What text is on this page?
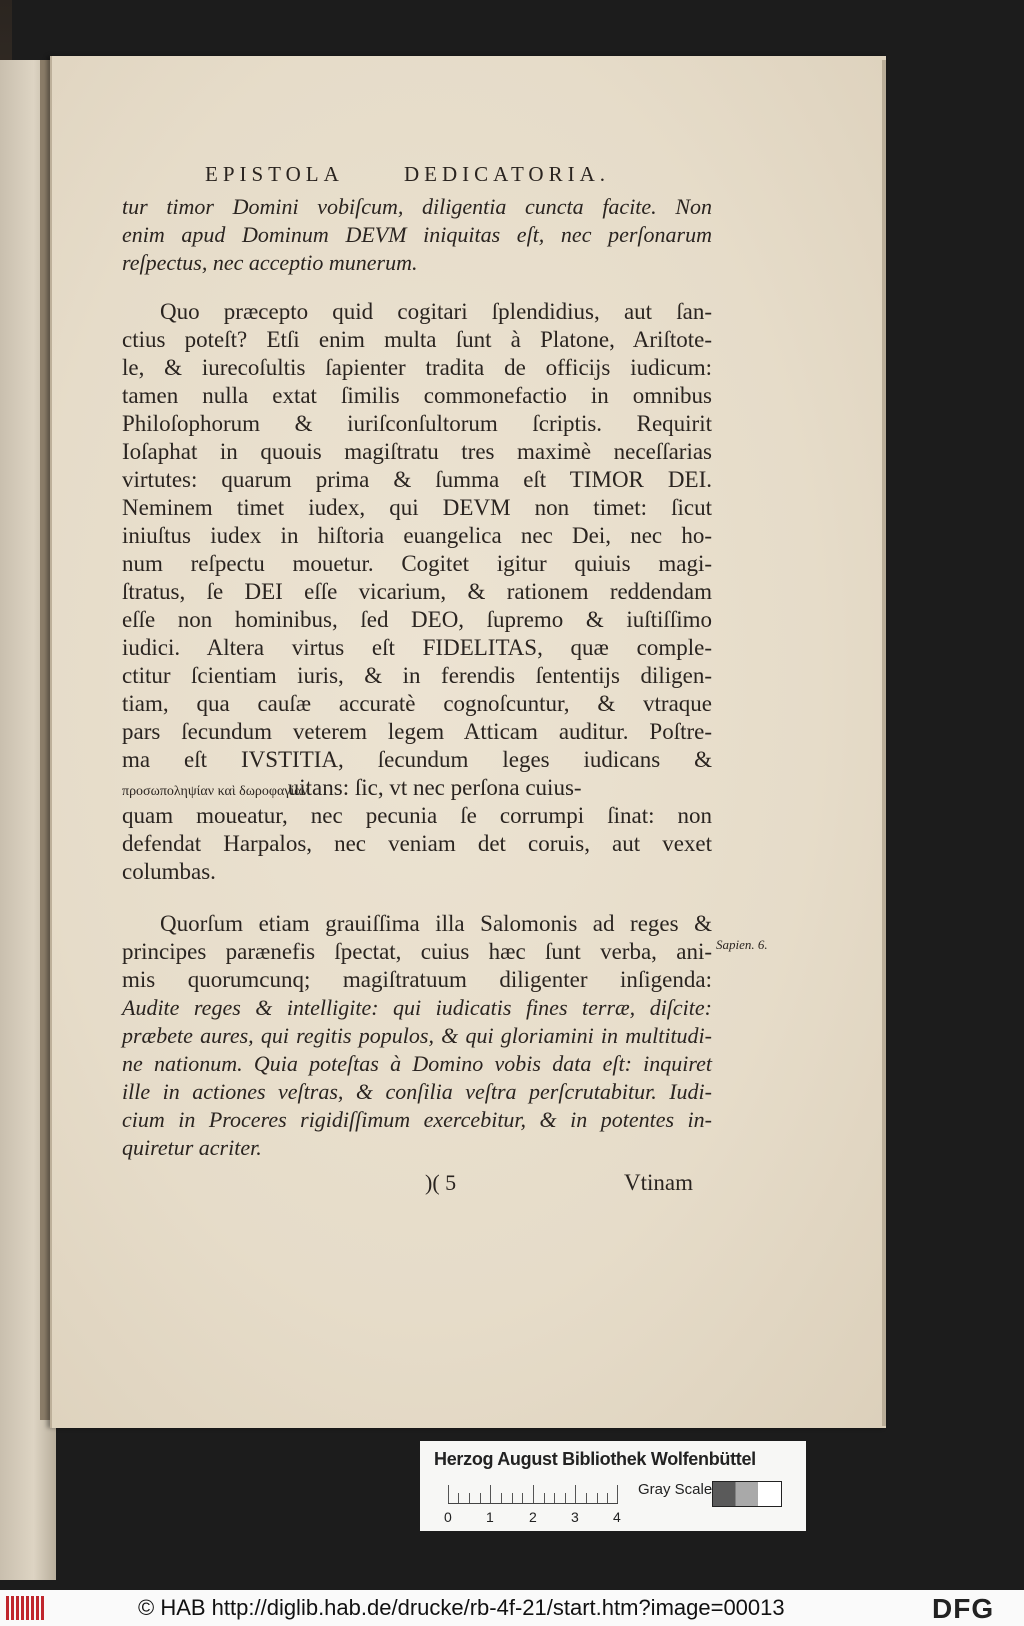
EPISTOLA DEDICATORIA.
tur timor Domini vobiſcum, diligentia cuncta facite. Non
enim apud Dominum DEVM iniquitas eſt, nec perſonarum
reſpectus, nec acceptio munerum.
Quo præcepto quid cogitari ſplendidius, aut ſan-
ctius poteſt? Etſi enim multa ſunt à Platone, Ariſtote-
le, & iurecoſultis ſapienter tradita de officijs iudicum:
tamen nulla extat ſimilis commonefactio in omnibus
Philoſophorum & iuriſconſultorum ſcriptis. Requirit
Ioſaphat in quouis magiſtratu tres maximè neceſſarias
virtutes: quarum prima & ſumma eſt TIMOR DEI.
Neminem timet iudex, qui DEVM non timet: ſicut
iniuſtus iudex in hiſtoria euangelica nec Dei, nec ho-
num reſpectu mouetur. Cogitet igitur quiuis magi-
ſtratus, ſe DEI eſſe vicarium, & rationem reddendam
eſſe non hominibus, ſed DEO, ſupremo & iuſtiſſimo
iudici. Altera virtus eſt FIDELITAS, quæ comple-
ctitur ſcientiam iuris, & in ferendis ſententijs diligen-
tiam, qua cauſæ accuratè cognoſcuntur, & vtraque
pars ſecundum veterem legem Atticam auditur. Poſtre-
ma eſt IVSTITIA, ſecundum leges iudicans &
προσωποληψίαν καὶ δωροφαγίαν uitans: ſic, vt nec perſona cuius-
quam moueatur, nec pecunia ſe corrumpi ſinat: non
defendat Harpalos, nec veniam det coruis, aut vexet
columbas.
Quorſum etiam grauiſſima illa Salomonis ad reges &
principes parænefis ſpectat, cuius hæc ſunt verba, ani-
mis quorumcunq; magiſtratuum diligenter inſigenda:
Audite reges & intelligite: qui iudicatis fines terræ, diſcite:
præbete aures, qui regitis populos, & qui gloriamini in multitudi-
ne nationum. Quia poteſtas à Domino vobis data eſt: inquiret
ille in actiones veſtras, & conſilia veſtra perſcrutabitur. Iudi-
cium in Proceres rigidiſſimum exercebitur, & in potentes in-
quiretur acriter.
Sapien. 6.
)( 5	Vtinam
Herzog August Bibliothek Wolfenbüttel
0 1	2 3 4
Gray Scale
© HAB http://diglib.hab.de/drucke/rb-4f-21/start.htm?image=00013	DFG
